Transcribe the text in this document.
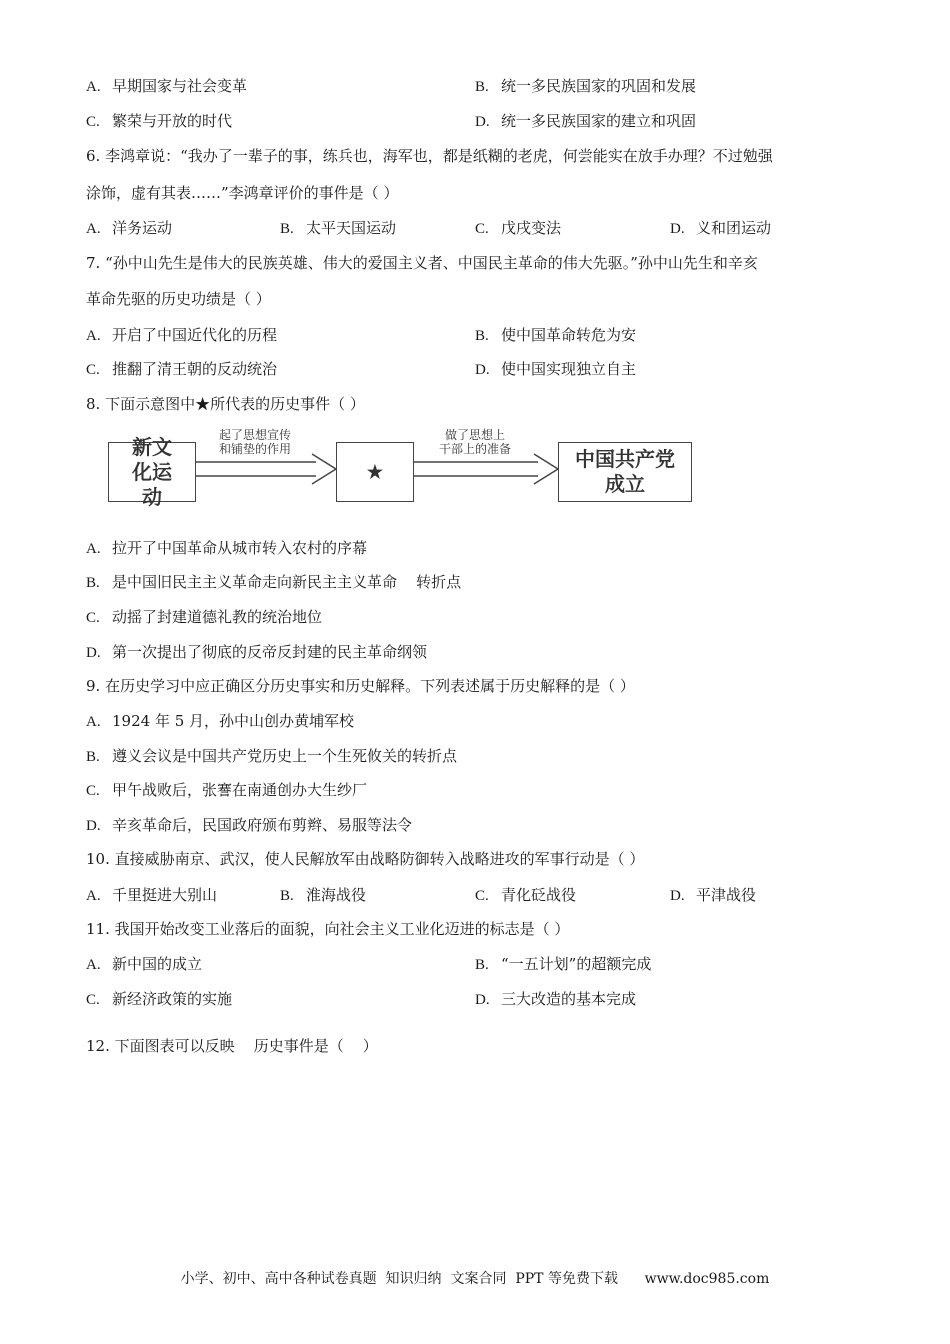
A. 早期国家与社会变革	B. 统一多民族国家的巩固和发展
C. 繁荣与开放的时代	D. 统一多民族国家的建立和巩固
6. 李鸿章说：“我办了一辈子的事，练兵也，海军也，都是纸糊的老虎，何尝能实在放手办理？不过勉强
涂饰，虚有其表……”李鸿章评价的事件是（ ）
A. 洋务运动	B. 太平天国运动	C. 戊戌变法	D. 义和团运动
7. “孙中山先生是伟大的民族英雄、伟大的爱国主义者、中国民主革命的伟大先驱。”孙中山先生和辛亥
革命先驱的历史功绩是（ ）
A. 开启了中国近代化的历程	B. 使中国革命转危为安
C. 推翻了清王朝的反动统治	D. 使中国实现独立自主
8. 下面示意图中★所代表的历史事件（ ）
新文化运动
起了思想宣传
和铺垫的作用
★
做了思想上
干部上的准备	中国共产党成立
A. 拉开了中国革命从城市转入农村的序幕
B. 是中国旧民主主义革命走向新民主主义革命    转折点
C. 动摇了封建道德礼教的统治地位
D. 第一次提出了彻底的反帝反封建的民主革命纲领
9. 在历史学习中应正确区分历史事实和历史解释。下列表述属于历史解释的是（ ）
A. 1924 年 5 月，孙中山创办黄埔军校
B. 遵义会议是中国共产党历史上一个生死攸关的转折点
C. 甲午战败后，张謇在南通创办大生纱厂
D. 辛亥革命后，民国政府颁布剪辫、易服等法令
10. 直接威胁南京、武汉，使人民解放军由战略防御转入战略进攻的军事行动是（ ）
A. 千里挺进大别山	B. 淮海战役	C. 青化砭战役	D. 平津战役
11. 我国开始改变工业落后的面貌，向社会主义工业化迈进的标志是（ ）
A. 新中国的成立	B. “一五计划”的超额完成
C. 新经济政策的实施	D. 三大改造的基本完成
12. 下面图表可以反映    历史事件是（    ）
小学、初中、高中各种试卷真题  知识归纳  文案合同  PPT 等免费下载      www.doc985.com
